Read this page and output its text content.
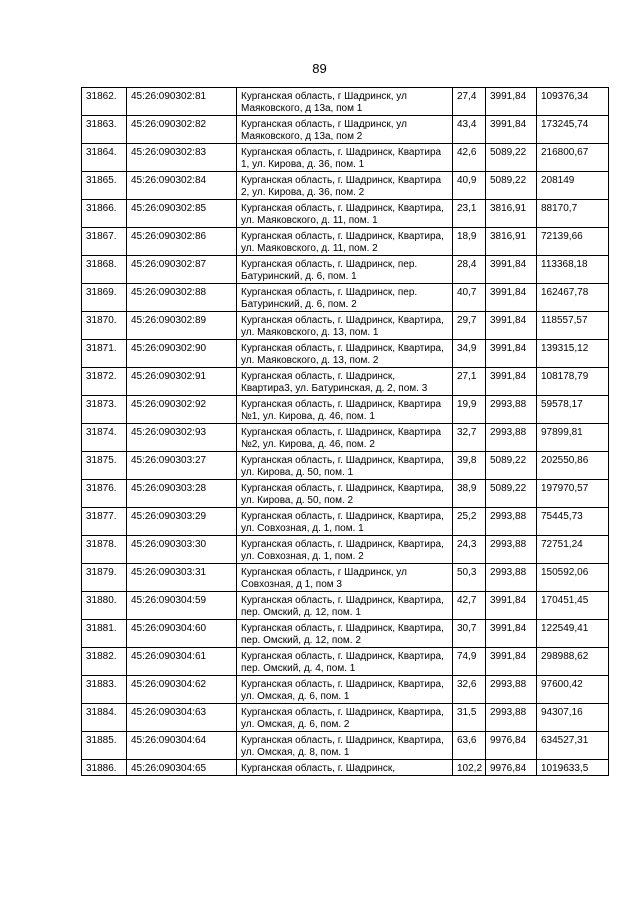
89
31862.	45:26:090302:81	Курганская область, г Шадринск, ул Маяковского, д 13а, пом 1	27,4	3991,84	109376,34
31863.	45:26:090302:82	Курганская область, г Шадринск, ул Маяковского, д 13а, пом 2	43,4	3991,84	173245,74
31864.	45:26:090302:83	Курганская область, г. Шадринск, Квартира 1, ул. Кирова, д. 36, пом. 1	42,6	5089,22	216800,67
31865.	45:26:090302:84	Курганская область, г. Шадринск, Квартира 2, ул. Кирова, д. 36, пом. 2	40,9	5089,22	208149
31866.	45:26:090302:85	Курганская область, г. Шадринск, Квартира, ул. Маяковского, д. 11, пом. 1	23,1	3816,91	88170,7
31867.	45:26:090302:86	Курганская область, г. Шадринск, Квартира, ул. Маяковского, д. 11, пом. 2	18,9	3816,91	72139,66
31868.	45:26:090302:87	Курганская область, г. Шадринск, пер. Батуринский, д. 6, пом. 1	28,4	3991,84	113368,18
31869.	45:26:090302:88	Курганская область, г. Шадринск, пер. Батуринский, д. 6, пом. 2	40,7	3991,84	162467,78
31870.	45:26:090302:89	Курганская область, г. Шадринск, Квартира, ул. Маяковского, д. 13, пом. 1	29,7	3991,84	118557,57
31871.	45:26:090302:90	Курганская область, г. Шадринск, Квартира, ул. Маяковского, д. 13, пом. 2	34,9	3991,84	139315,12
31872.	45:26:090302:91	Курганская область, г. Шадринск, Квартира3, ул. Батуринская, д. 2, пом. 3	27,1	3991,84	108178,79
31873.	45:26:090302:92	Курганская область, г. Шадринск, Квартира №1, ул. Кирова, д. 46, пом. 1	19,9	2993,88	59578,17
31874.	45:26:090302:93	Курганская область, г. Шадринск, Квартира №2, ул. Кирова, д. 46, пом. 2	32,7	2993,88	97899,81
31875.	45:26:090303:27	Курганская область, г. Шадринск, Квартира, ул. Кирова, д. 50, пом. 1	39,8	5089,22	202550,86
31876.	45:26:090303:28	Курганская область, г. Шадринск, Квартира, ул. Кирова, д. 50, пом. 2	38,9	5089,22	197970,57
31877.	45:26:090303:29	Курганская область, г. Шадринск, Квартира, ул. Совхозная, д. 1, пом. 1	25,2	2993,88	75445,73
31878.	45:26:090303:30	Курганская область, г. Шадринск, Квартира, ул. Совхозная, д. 1, пом. 2	24,3	2993,88	72751,24
31879.	45:26:090303:31	Курганская область, г Шадринск, ул Совхозная, д 1, пом 3	50,3	2993,88	150592,06
31880.	45:26:090304:59	Курганская область, г. Шадринск, Квартира, пер. Омский, д. 12, пом. 1	42,7	3991,84	170451,45
31881.	45:26:090304:60	Курганская область, г. Шадринск, Квартира, пер. Омский, д. 12, пом. 2	30,7	3991,84	122549,41
31882.	45:26:090304:61	Курганская область, г. Шадринск, Квартира, пер. Омский, д. 4, пом. 1	74,9	3991,84	298988,62
31883.	45:26:090304:62	Курганская область, г. Шадринск, Квартира, ул. Омская, д. 6, пом. 1	32,6	2993,88	97600,42
31884.	45:26:090304:63	Курганская область, г. Шадринск, Квартира, ул. Омская, д. 6, пом. 2	31,5	2993,88	94307,16
31885.	45:26:090304:64	Курганская область, г. Шадринск, Квартира, ул. Омская, д. 8, пом. 1	63,6	9976,84	634527,31
31886.	45:26:090304:65	Курганская область, г. Шадринск,	102,2	9976,84	1019633,5
